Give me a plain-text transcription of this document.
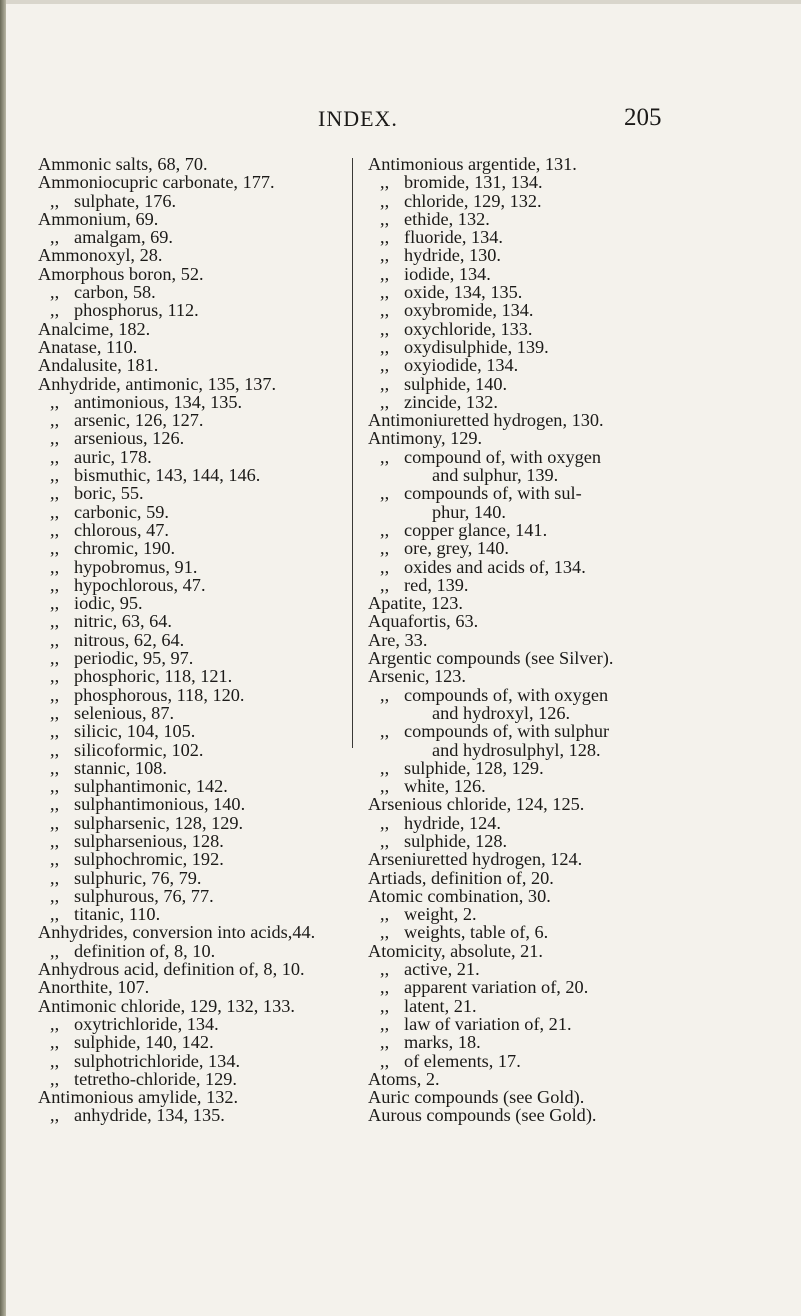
INDEX.	205
Ammonic salts, 68, 70.
Ammoniocupric carbonate, 177.
,, sulphate, 176.
Ammonium, 69.
,, amalgam, 69.
Ammonoxyl, 28.
Amorphous boron, 52.
,, carbon, 58.
,, phosphorus, 112.
Analcime, 182.
Anatase, 110.
Andalusite, 181.
Anhydride, antimonic, 135, 137.
,, antimonious, 134, 135.
,, arsenic, 126, 127.
,, arsenious, 126.
,, auric, 178.
,, bismuthic, 143, 144, 146.
,, boric, 55.
,, carbonic, 59.
,, chlorous, 47.
,, chromic, 190.
,, hypobromus, 91.
,, hypochlorous, 47.
,, iodic, 95.
,, nitric, 63, 64.
,, nitrous, 62, 64.
,, periodic, 95, 97.
,, phosphoric, 118, 121.
,, phosphorous, 118, 120.
,, selenious, 87.
,, silicic, 104, 105.
,, silicoformic, 102.
,, stannic, 108.
,, sulphantimonic, 142.
,, sulphantimonious, 140.
,, sulpharsenic, 128, 129.
,, sulpharsenious, 128.
,, sulphochromic, 192.
,, sulphuric, 76, 79.
,, sulphurous, 76, 77.
,, titanic, 110.
Anhydrides, conversion into acids,44.
,, definition of, 8, 10.
Anhydrous acid, definition of, 8, 10.
Anorthite, 107.
Antimonic chloride, 129, 132, 133.
,, oxytrichloride, 134.
,, sulphide, 140, 142.
,, sulphotrichloride, 134.
,, tetretho-chloride, 129.
Antimonious amylide, 132.
,, anhydride, 134, 135.
Antimonious argentide, 131.
,, bromide, 131, 134.
,, chloride, 129, 132.
,, ethide, 132.
,, fluoride, 134.
,, hydride, 130.
,, iodide, 134.
,, oxide, 134, 135.
,, oxybromide, 134.
,, oxychloride, 133.
,, oxydisulphide, 139.
,, oxyiodide, 134.
,, sulphide, 140.
,, zincide, 132.
Antimoniuretted hydrogen, 130.
Antimony, 129.
,, compound of, with oxygen
and sulphur, 139.
,, compounds of, with sul-
phur, 140.
,, copper glance, 141.
,, ore, grey, 140.
,, oxides and acids of, 134.
,, red, 139.
Apatite, 123.
Aquafortis, 63.
Are, 33.
Argentic compounds (see Silver).
Arsenic, 123.
,, compounds of, with oxygen
and hydroxyl, 126.
,, compounds of, with sulphur
and hydrosulphyl, 128.
,, sulphide, 128, 129.
,, white, 126.
Arsenious chloride, 124, 125.
,, hydride, 124.
,, sulphide, 128.
Arseniuretted hydrogen, 124.
Artiads, definition of, 20.
Atomic combination, 30.
,, weight, 2.
,, weights, table of, 6.
Atomicity, absolute, 21.
,, active, 21.
,, apparent variation of, 20.
,, latent, 21.
,, law of variation of, 21.
,, marks, 18.
,, of elements, 17.
Atoms, 2.
Auric compounds (see Gold).
Aurous compounds (see Gold).
